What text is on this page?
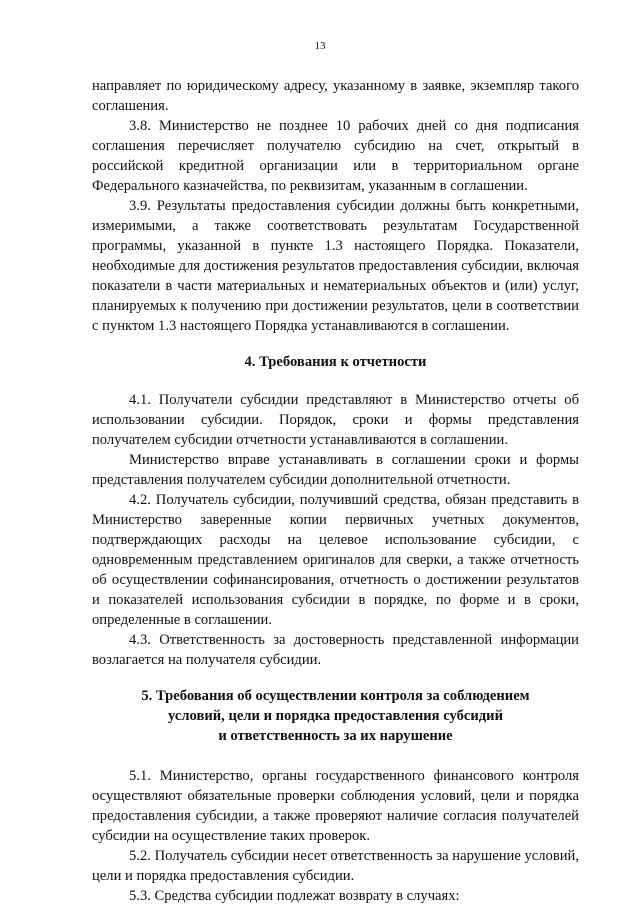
13

направляет по юридическому адресу, указанному в заявке, экземпляр такого соглашения.

3.8. Министерство не позднее 10 рабочих дней со дня подписания соглашения перечисляет получателю субсидию на счет, открытый в российской кредитной организации или в территориальном органе Федерального казначейства, по реквизитам, указанным в соглашении.

3.9. Результаты предоставления субсидии должны быть конкретными, измеримыми, а также соответствовать результатам Государственной программы, указанной в пункте 1.3 настоящего Порядка. Показатели, необходимые для достижения результатов предоставления субсидии, включая показатели в части материальных и нематериальных объектов и (или) услуг, планируемых к получению при достижении результатов, цели в соответствии с пунктом 1.3 настоящего Порядка устанавливаются в соглашении.

4. Требования к отчетности

4.1. Получатели субсидии представляют в Министерство отчеты об использовании субсидии. Порядок, сроки и формы представления получателем субсидии отчетности устанавливаются в соглашении.

Министерство вправе устанавливать в соглашении сроки и формы представления получателем субсидии дополнительной отчетности.

4.2. Получатель субсидии, получивший средства, обязан представить в Министерство заверенные копии первичных учетных документов, подтверждающих расходы на целевое использование субсидии, с одновременным представлением оригиналов для сверки, а также отчетность об осуществлении софинансирования, отчетность о достижении результатов и показателей использования субсидии в порядке, по форме и в сроки, определенные в соглашении.

4.3. Ответственность за достоверность представленной информации возлагается на получателя субсидии.

5. Требования об осуществлении контроля за соблюдением
условий, цели и порядка предоставления субсидий
и ответственность за их нарушение

5.1. Министерство, органы государственного финансового контроля осуществляют обязательные проверки соблюдения условий, цели и порядка предоставления субсидии, а также проверяют наличие согласия получателей субсидии на осуществление таких проверок.

5.2. Получатель субсидии несет ответственность за нарушение условий, цели и порядка предоставления субсидии.

5.3. Средства субсидии подлежат возврату в случаях:
